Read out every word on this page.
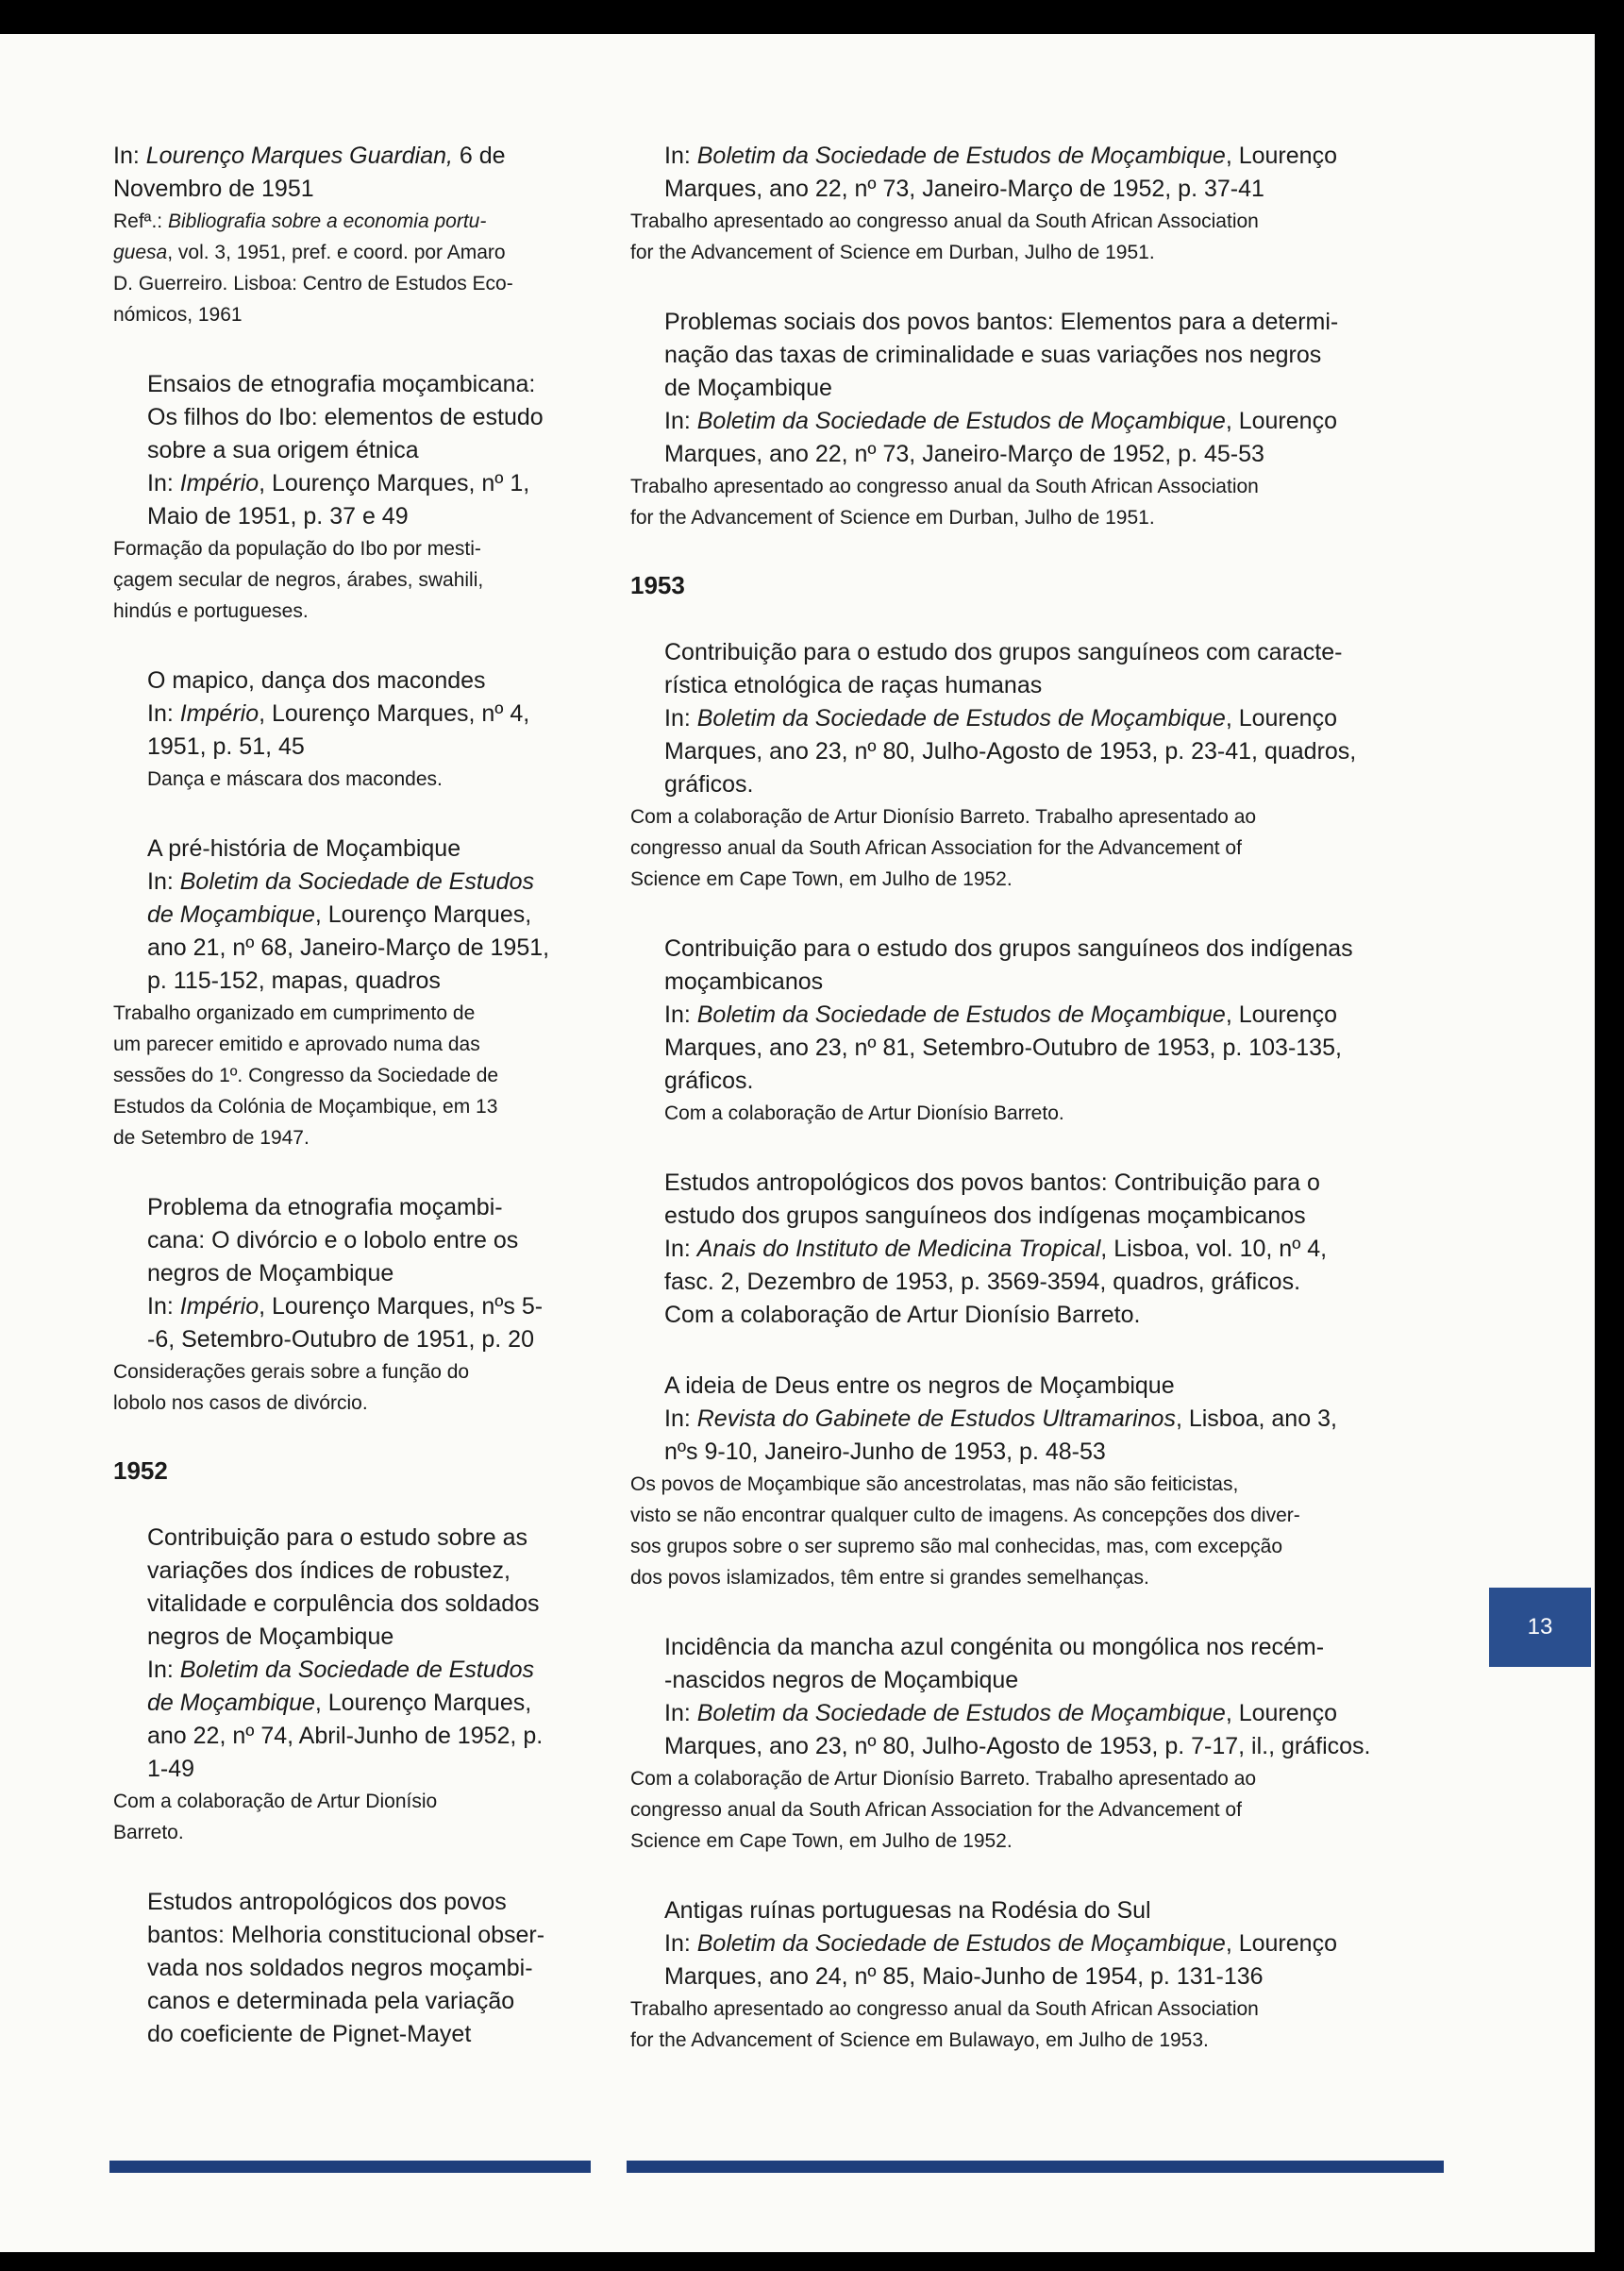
In: Lourenço Marques Guardian, 6 de

Novembro de 1951

Refª.: Bibliografia sobre a economia portu-

guesa, vol. 3, 1951, pref. e coord. por Amaro

D. Guerreiro. Lisboa: Centro de Estudos Eco-

nómicos, 1961

Ensaios de etnografia moçambicana:

Os filhos do Ibo: elementos de estudo

sobre a sua origem étnica

In: Império, Lourenço Marques, nº 1,

Maio de 1951, p. 37 e 49

Formação da população do Ibo por mesti-

çagem secular de negros, árabes, swahili,

hindús e portugueses.

O mapico, dança dos macondes

In: Império, Lourenço Marques, nº 4,

1951, p. 51, 45

Dança e máscara dos macondes.

A pré-história de Moçambique

In: Boletim da Sociedade de Estudos

de Moçambique, Lourenço Marques,

ano 21, nº 68, Janeiro-Março de 1951,

p. 115-152, mapas, quadros

Trabalho organizado em cumprimento de

um parecer emitido e aprovado numa das

sessões do 1º. Congresso da Sociedade de

Estudos da Colónia de Moçambique, em 13

de Setembro de 1947.

Problema da etnografia moçambi-

cana: O divórcio e o lobolo entre os

negros de Moçambique

In: Império, Lourenço Marques, nºs 5-

-6, Setembro-Outubro de 1951, p. 20

Considerações gerais sobre a função do

lobolo nos casos de divórcio.

1952

Contribuição para o estudo sobre as

variações dos índices de robustez,

vitalidade e corpulência dos soldados

negros de Moçambique

In: Boletim da Sociedade de Estudos

de Moçambique, Lourenço Marques,

ano 22, nº 74, Abril-Junho de 1952, p.

1-49

Com a colaboração de Artur Dionísio

Barreto.

Estudos antropológicos dos povos

bantos: Melhoria constitucional obser-

vada nos soldados negros moçambi-

canos e determinada pela variação

do coeficiente de Pignet-Mayet

In: Boletim da Sociedade de Estudos de Moçambique, Lourenço

Marques, ano 22, nº 73, Janeiro-Março de 1952, p. 37-41

Trabalho apresentado ao congresso anual da South African Association

for the Advancement of Science em Durban, Julho de 1951.

Problemas sociais dos povos bantos: Elementos para a determi-

nação das taxas de criminalidade e suas variações nos negros

de Moçambique

In: Boletim da Sociedade de Estudos de Moçambique, Lourenço

Marques, ano 22, nº 73, Janeiro-Março de 1952, p. 45-53

Trabalho apresentado ao congresso anual da South African Association

for the Advancement of Science em Durban, Julho de 1951.

1953

Contribuição para o estudo dos grupos sanguíneos com caracte-

rística etnológica de raças humanas

In: Boletim da Sociedade de Estudos de Moçambique, Lourenço

Marques, ano 23, nº 80, Julho-Agosto de 1953, p. 23-41, quadros,

gráficos.

Com a colaboração de Artur Dionísio Barreto. Trabalho apresentado ao

congresso anual da South African Association for the Advancement of

Science em Cape Town, em Julho de 1952.

Contribuição para o estudo dos grupos sanguíneos dos indígenas

moçambicanos

In: Boletim da Sociedade de Estudos de Moçambique, Lourenço

Marques, ano 23, nº 81, Setembro-Outubro de 1953, p. 103-135,

gráficos.

Com a colaboração de Artur Dionísio Barreto.

Estudos antropológicos dos povos bantos: Contribuição para o

estudo dos grupos sanguíneos dos indígenas moçambicanos

In: Anais do Instituto de Medicina Tropical, Lisboa, vol. 10, nº 4,

fasc. 2, Dezembro de 1953, p. 3569-3594, quadros, gráficos.

Com a colaboração de Artur Dionísio Barreto.

A ideia de Deus entre os negros de Moçambique

In: Revista do Gabinete de Estudos Ultramarinos, Lisboa, ano 3,

nºs 9-10, Janeiro-Junho de 1953, p. 48-53

Os povos de Moçambique são ancestrolatas, mas não são feiticistas,

visto se não encontrar qualquer culto de imagens. As concepções dos diver-

sos grupos sobre o ser supremo são mal conhecidas, mas, com excepção

dos povos islamizados, têm entre si grandes semelhanças.

Incidência da mancha azul congénita ou mongólica nos recém-

-nascidos negros de Moçambique

In: Boletim da Sociedade de Estudos de Moçambique, Lourenço

Marques, ano 23, nº 80, Julho-Agosto de 1953, p. 7-17, il., gráficos.

Com a colaboração de Artur Dionísio Barreto. Trabalho apresentado ao

congresso anual da South African Association for the Advancement of

Science em Cape Town, em Julho de 1952.

Antigas ruínas portuguesas na Rodésia do Sul

In: Boletim da Sociedade de Estudos de Moçambique, Lourenço

Marques, ano 24, nº 85, Maio-Junho de 1954, p. 131-136

Trabalho apresentado ao congresso anual da South African Association

for the Advancement of Science em Bulawayo, em Julho de 1953.

13
